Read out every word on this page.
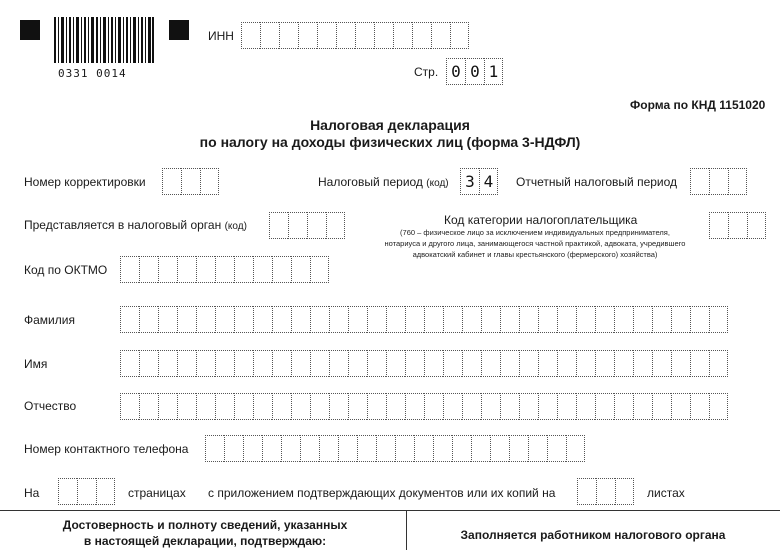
0331 0014
ИНН
Стр. 0 0 1
Форма по КНД 1151020
Налоговая декларация
по налогу на доходы физических лиц (форма 3-НДФЛ)
Номер корректировки	Налоговый период (код)	3 4	Отчетный налоговый период
Представляется в налоговый орган (код)	Код категории налогоплательщика
(760 – физическое лицо за исключением индивидуальных предпринимателя,
нотариуса и другого лица, занимающегося частной практикой, адвоката, учредившего
адвокатский кабинет и главы крестьянского (фермерского) хозяйства)
Код по ОКТМО
Фамилия
Имя
Отчество
Номер контактного телефона
На	страницах с приложением подтверждающих документов или их копий на	листах
Достоверность и полноту сведений, указанных
в настоящей декларации, подтверждаю:	Заполняется работником налогового органа
